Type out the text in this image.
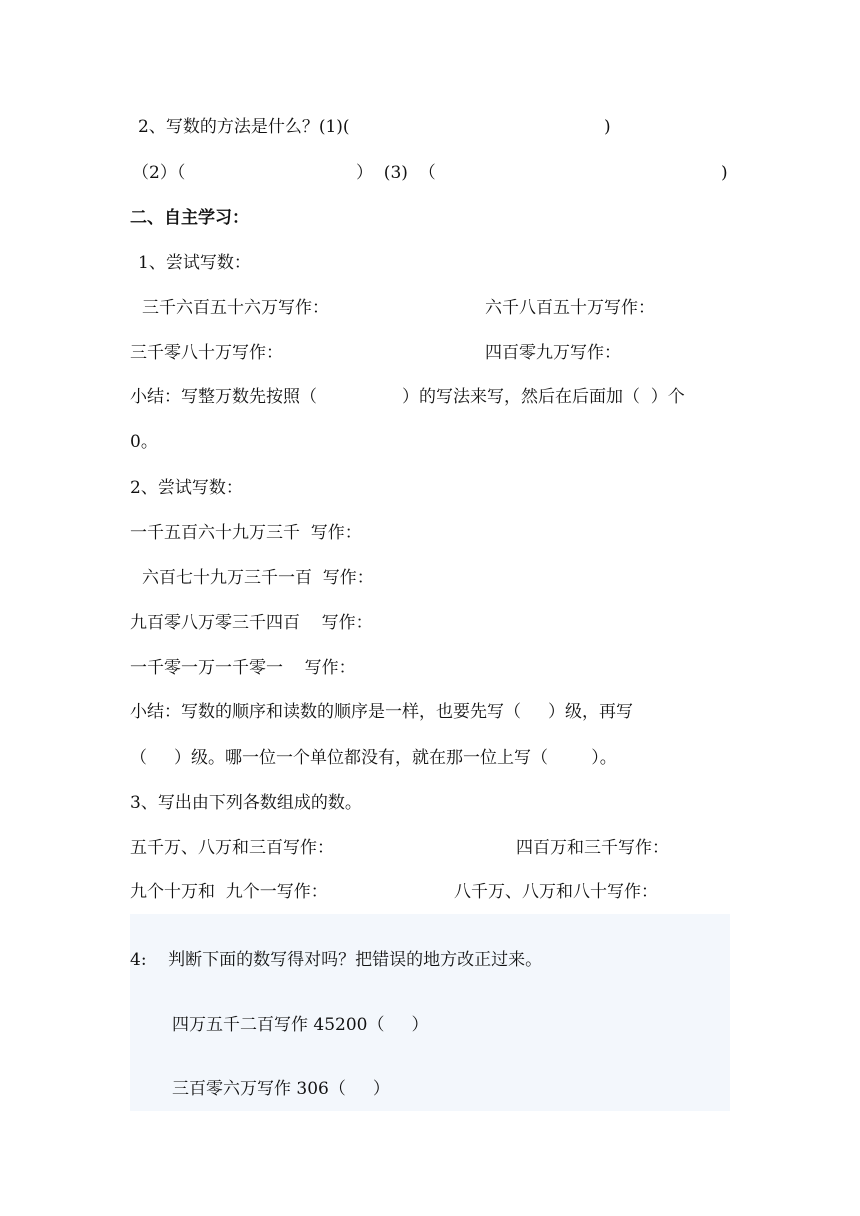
2、写数的方法是什么？(1)(	)
（2）（	）  (3)  （	)
二、自主学习：
1、尝试写数：
三千六百五十六万写作：	六千八百五十万写作：
三千零八十万写作：	四百零九万写作：
小结：写整万数先按照（	）的写法来写，然后在后面加（  ）个
0。
2、尝试写数：
一千五百六十九万三千  写作：
六百七十九万三千一百  写作：
九百零八万零三千四百    写作：
一千零一万一千零一    写作：
小结：写数的顺序和读数的顺序是一样，也要先写（     ）级，再写
（     ）级。哪一位一个单位都没有，就在那一位上写（        ）。
3、写出由下列各数组成的数。
五千万、八万和三百写作：	四百万和三千写作：
九个十万和  九个一写作：	八千万、八万和八十写作：
4:    判断下面的数写得对吗？把错误的地方改正过来。
四万五千二百写作 45200（     ）
三百零六万写作 306（     ）
